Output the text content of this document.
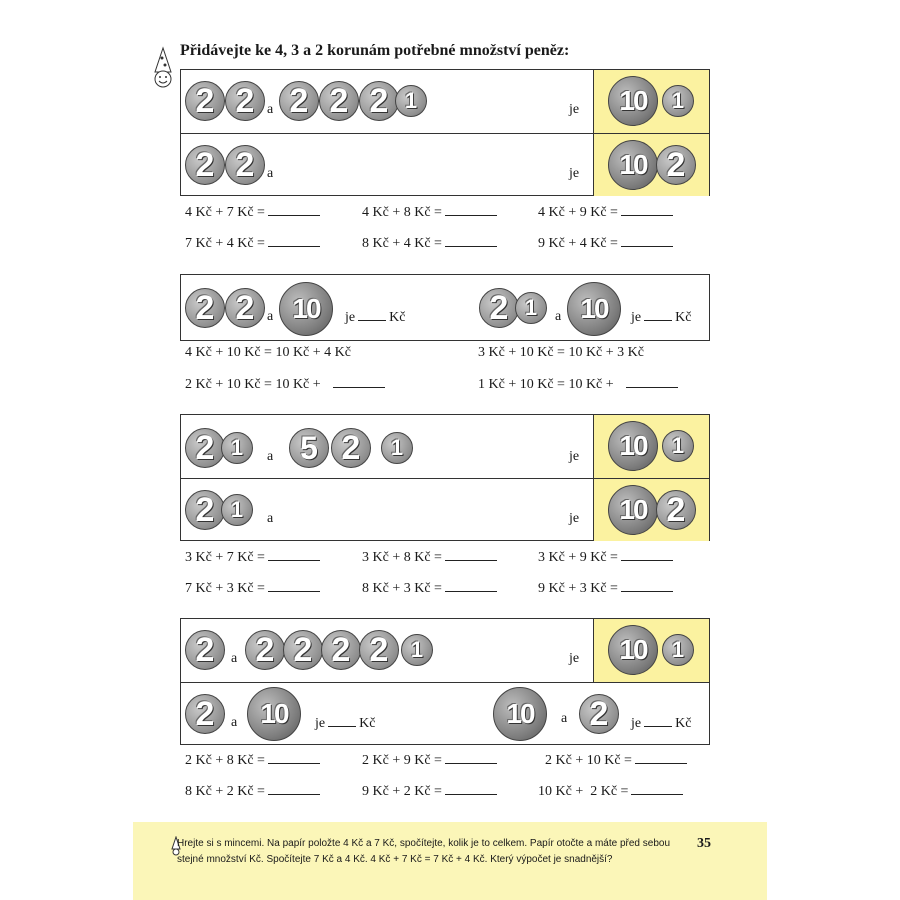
Přidávejte ke 4, 3 a 2 korunám potřebné množství peněz:
2 2 a 2 2 2 1	je	10	1
2 2 a	je	10 2
4 Kč + 7 Kč =	4 Kč + 8 Kč =	4 Kč + 9 Kč =
7 Kč + 4 Kč =	8 Kč + 4 Kč =	9 Kč + 4 Kč =
2 2 a 10	je Kč	2 1	a 10	je Kč
4 Kč + 10 Kč = 10 Kč + 4 Kč	3 Kč + 10 Kč = 10 Kč + 3 Kč
2 Kč + 10 Kč = 10 Kč +	1 Kč + 10 Kč = 10 Kč +
2 1	a 5 2	1	je	10	1
2 1	a	je	10 2
3 Kč + 7 Kč =	3 Kč + 8 Kč =	3 Kč + 9 Kč =
7 Kč + 3 Kč =	8 Kč + 3 Kč =	9 Kč + 3 Kč =
2	a 2 2 2 2	1	je	10	1
2	a 10	je Kč	10	a 2	je Kč
2 Kč + 8 Kč =	2 Kč + 9 Kč =	2 Kč + 10 Kč =
8 Kč + 2 Kč =	9 Kč + 2 Kč =	10 Kč +  2 Kč =
Hrejte si s mincemi. Na papír položte 4 Kč a 7 Kč, spočítejte, kolik je to celkem. Papír otočte a máte před sebou stejné množství Kč. Spočítejte 7 Kč a 4 Kč. 4 Kč + 7 Kč = 7 Kč + 4 Kč. Který výpočet je snadnější?
35
